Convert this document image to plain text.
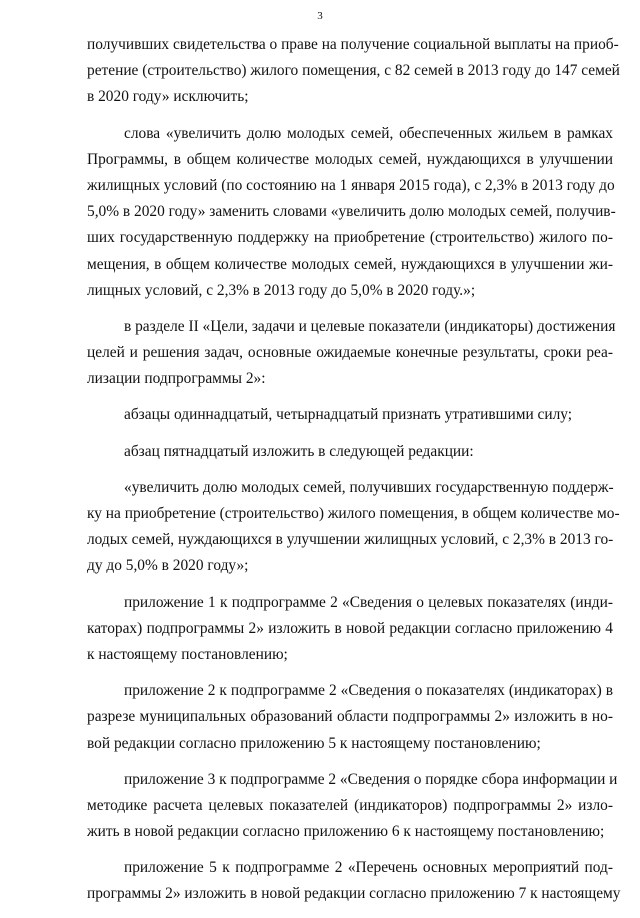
3
получивших свидетельства о праве на получение социальной выплаты на приоб-
ретение (строительство) жилого помещения, с 82 семей в 2013 году до 147 семей
в 2020 году» исключить;
слова «увеличить долю молодых семей, обеспеченных жильем в рамках
Программы, в общем количестве молодых семей, нуждающихся в улучшении
жилищных условий (по состоянию на 1 января 2015 года), с 2,3% в 2013 году до
5,0% в 2020 году» заменить словами «увеличить долю молодых семей, получив-
ших государственную поддержку на приобретение (строительство) жилого по-
мещения, в общем количестве молодых семей, нуждающихся в улучшении жи-
лищных условий, с 2,3% в 2013 году до 5,0% в 2020 году.»;
в разделе II «Цели, задачи и целевые показатели (индикаторы) достижения
целей и решения задач, основные ожидаемые конечные результаты, сроки реа-
лизации подпрограммы 2»:
абзацы одиннадцатый, четырнадцатый признать утратившими силу;
абзац пятнадцатый изложить в следующей редакции:
«увеличить долю молодых семей, получивших государственную поддерж-
ку на приобретение (строительство) жилого помещения, в общем количестве мо-
лодых семей, нуждающихся в улучшении жилищных условий, с 2,3% в 2013 го-
ду до 5,0% в 2020 году»;
приложение 1 к подпрограмме 2 «Сведения о целевых показателях (инди-
каторах) подпрограммы 2» изложить в новой редакции согласно приложению 4
к настоящему постановлению;
приложение 2 к подпрограмме 2 «Сведения о показателях (индикаторах) в
разрезе муниципальных образований области подпрограммы 2» изложить в но-
вой редакции согласно приложению 5 к настоящему постановлению;
приложение 3 к подпрограмме 2 «Сведения о порядке сбора информации и
методике расчета целевых показателей (индикаторов) подпрограммы 2» изло-
жить в новой редакции согласно приложению 6 к настоящему постановлению;
приложение 5 к подпрограмме 2 «Перечень основных мероприятий под-
программы 2» изложить в новой редакции согласно приложению 7 к настоящему
